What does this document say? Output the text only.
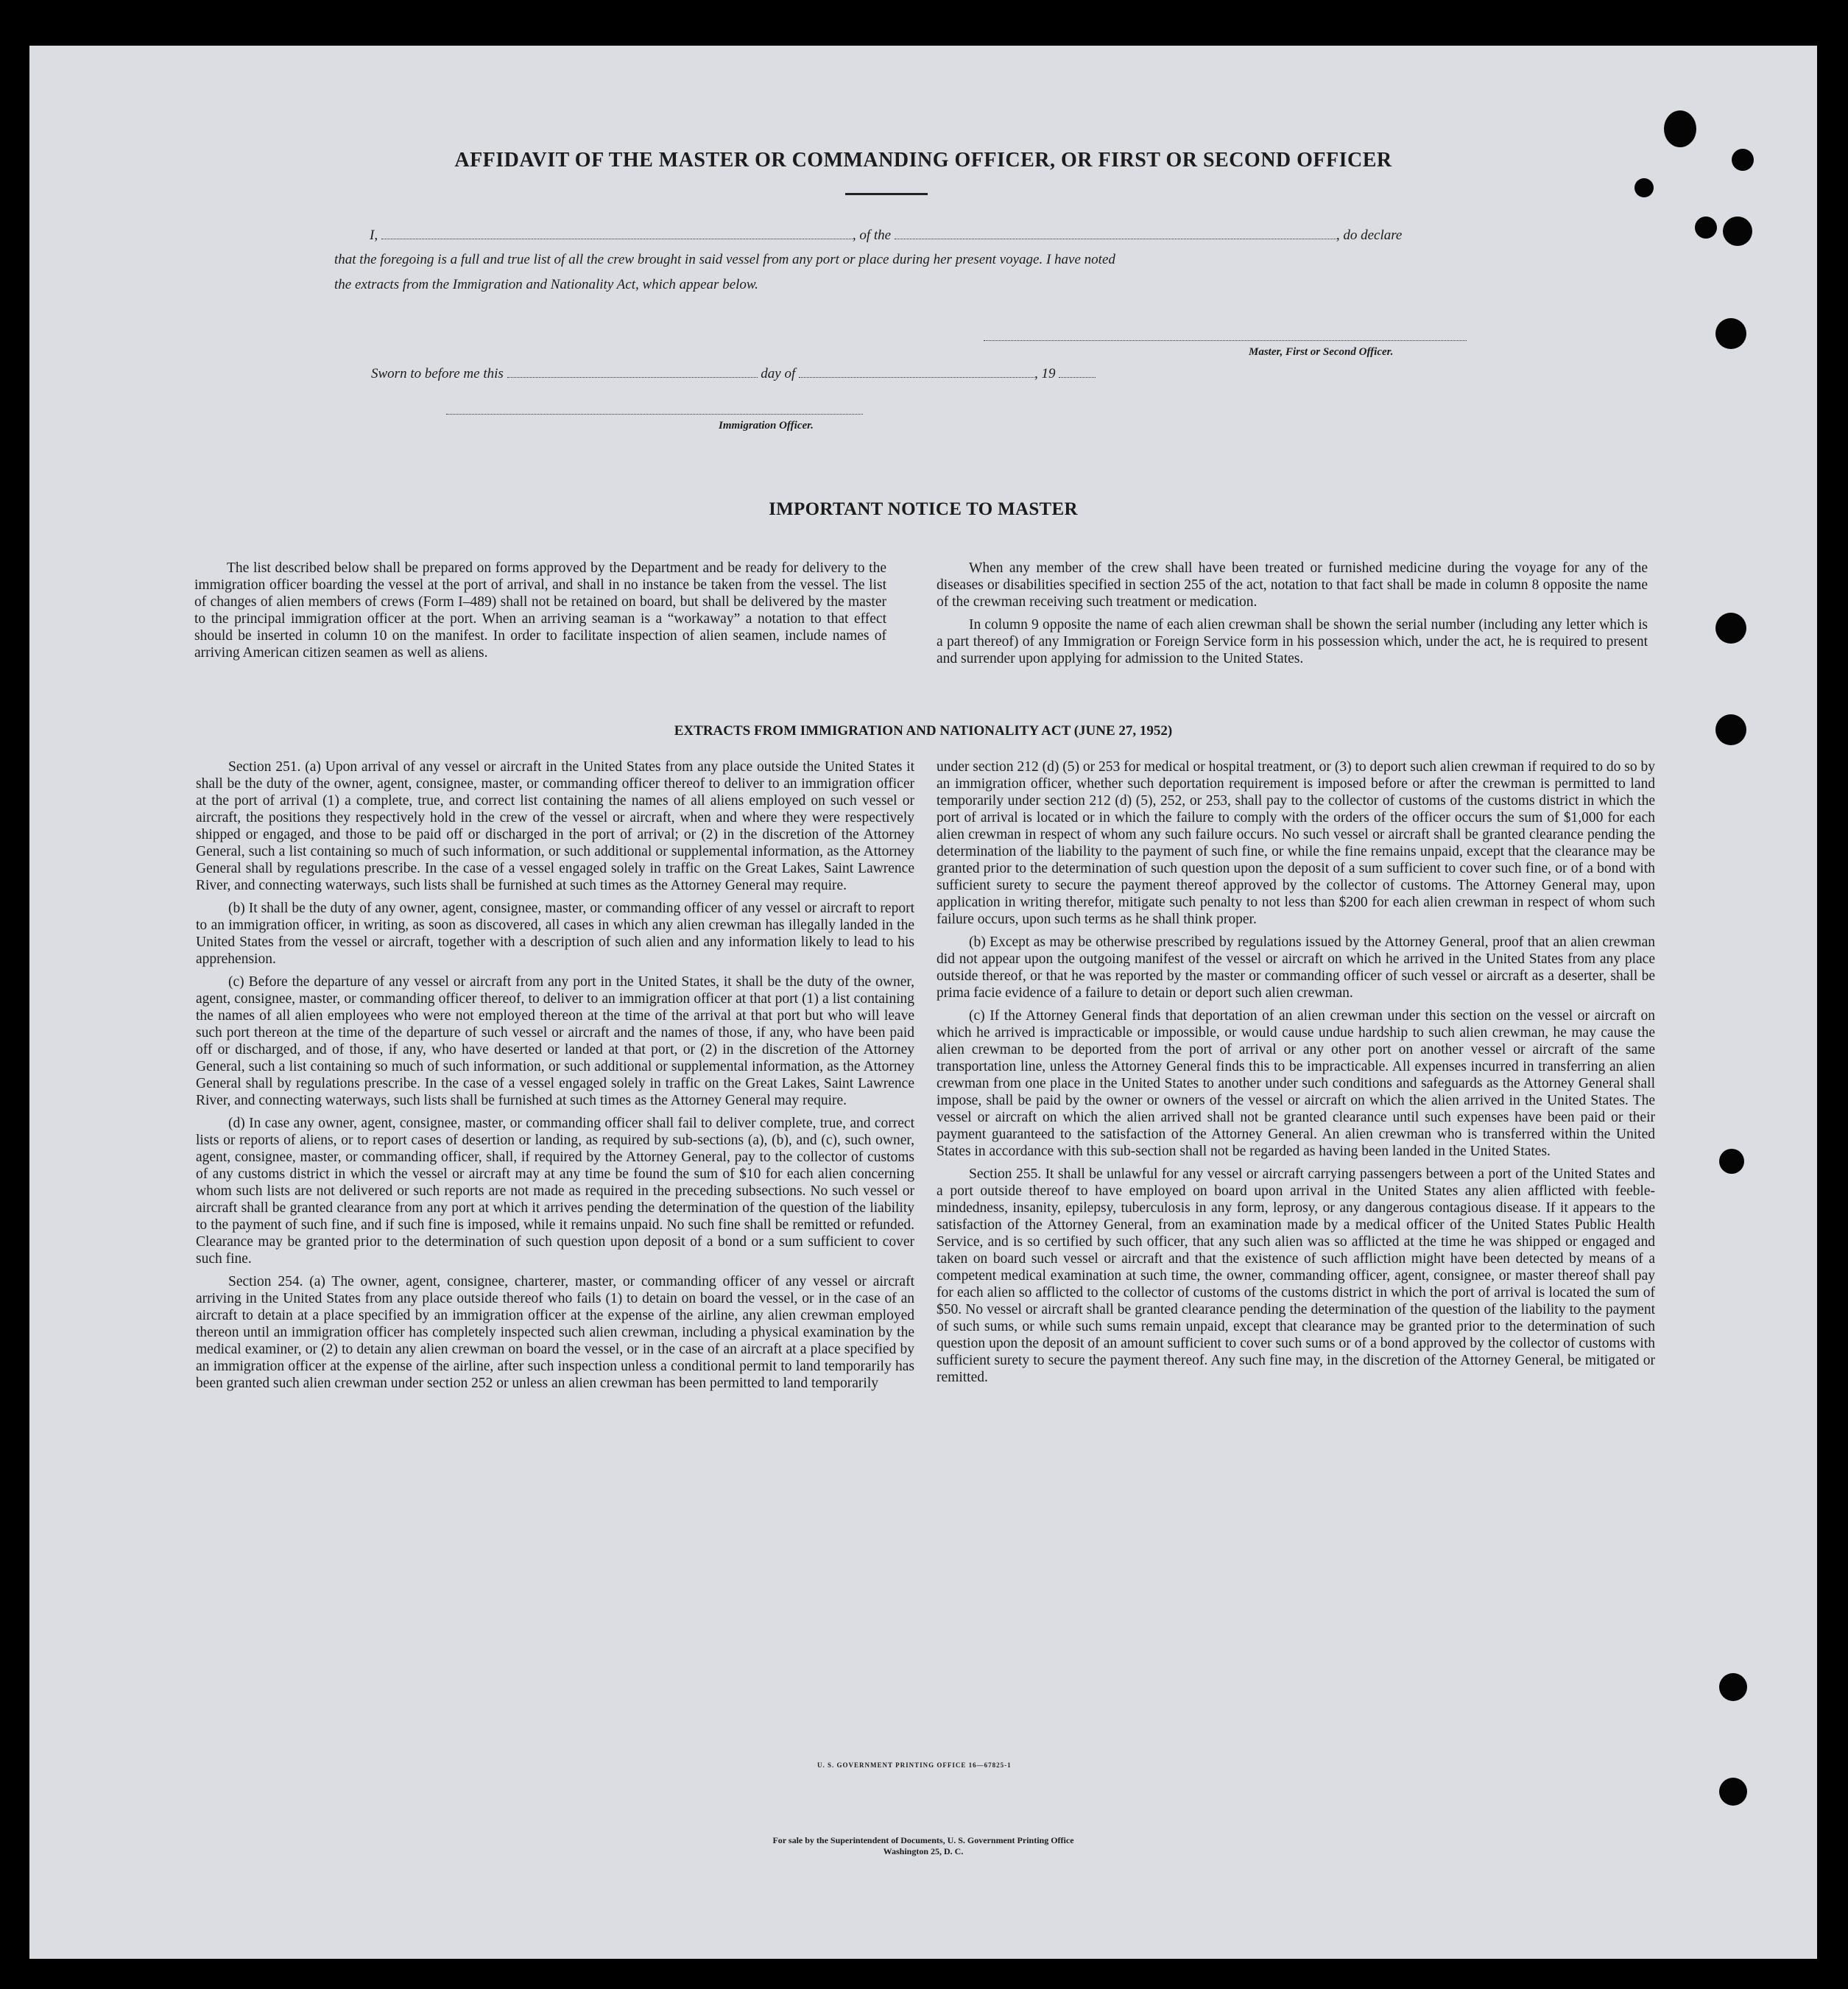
AFFIDAVIT OF THE MASTER OR COMMANDING OFFICER, OR FIRST OR SECOND OFFICER
I,	, of the	, do declare
that the foregoing is a full and true list of all the crew brought in said vessel from any port or place during her present voyage. I have noted
the extracts from the Immigration and Nationality Act, which appear below.
Master, First or Second Officer.
Sworn to before me this	day of	, 19
Immigration Officer.
IMPORTANT NOTICE TO MASTER

The list described below shall be prepared on forms approved by the Department and be ready for delivery to the immigration officer boarding the vessel at the port of arrival, and shall in no instance be taken from the vessel. The list of changes of alien members of crews (Form I–489) shall not be retained on board, but shall be delivered by the master to the principal immigration officer at the port. When an arriving seaman is a “workaway” a notation to that effect should be inserted in column 10 on the manifest. In order to facilitate inspection of alien seamen, include names of arriving American citizen seamen as well as aliens.

When any member of the crew shall have been treated or furnished medicine during the voyage for any of the diseases or disabilities specified in section 255 of the act, notation to that fact shall be made in column 8 opposite the name of the crewman receiving such treatment or medication.

In column 9 opposite the name of each alien crewman shall be shown the serial number (including any letter which is a part thereof) of any Immigration or Foreign Service form in his possession which, under the act, he is required to present and surrender upon applying for admission to the United States.

EXTRACTS FROM IMMIGRATION AND NATIONALITY ACT (JUNE 27, 1952)

Section 251. (a) Upon arrival of any vessel or aircraft in the United States from any place outside the United States it shall be the duty of the owner, agent, consignee, master, or commanding officer thereof to deliver to an immigration officer at the port of arrival (1) a complete, true, and correct list containing the names of all aliens employed on such vessel or aircraft, the positions they respectively hold in the crew of the vessel or aircraft, when and where they were respectively shipped or engaged, and those to be paid off or discharged in the port of arrival; or (2) in the discretion of the Attorney General, such a list containing so much of such information, or such additional or supplemental information, as the Attorney General shall by regulations prescribe. In the case of a vessel engaged solely in traffic on the Great Lakes, Saint Lawrence River, and connecting waterways, such lists shall be furnished at such times as the Attorney General may require.

(b) It shall be the duty of any owner, agent, consignee, master, or commanding officer of any vessel or aircraft to report to an immigration officer, in writing, as soon as discovered, all cases in which any alien crewman has illegally landed in the United States from the vessel or aircraft, together with a description of such alien and any information likely to lead to his apprehension.

(c) Before the departure of any vessel or aircraft from any port in the United States, it shall be the duty of the owner, agent, consignee, master, or commanding officer thereof, to deliver to an immigration officer at that port (1) a list containing the names of all alien employees who were not employed thereon at the time of the arrival at that port but who will leave such port thereon at the time of the departure of such vessel or aircraft and the names of those, if any, who have been paid off or discharged, and of those, if any, who have deserted or landed at that port, or (2) in the discretion of the Attorney General, such a list containing so much of such information, or such additional or supplemental information, as the Attorney General shall by regulations prescribe. In the case of a vessel engaged solely in traffic on the Great Lakes, Saint Lawrence River, and connecting waterways, such lists shall be furnished at such times as the Attorney General may require.

(d) In case any owner, agent, consignee, master, or commanding officer shall fail to deliver complete, true, and correct lists or reports of aliens, or to report cases of desertion or landing, as required by sub-sections (a), (b), and (c), such owner, agent, consignee, master, or commanding officer, shall, if required by the Attorney General, pay to the collector of customs of any customs district in which the vessel or aircraft may at any time be found the sum of $10 for each alien concerning whom such lists are not delivered or such reports are not made as required in the preceding subsections. No such vessel or aircraft shall be granted clearance from any port at which it arrives pending the determination of the question of the liability to the payment of such fine, and if such fine is imposed, while it remains unpaid. No such fine shall be remitted or refunded. Clearance may be granted prior to the determination of such question upon deposit of a bond or a sum sufficient to cover such fine.

Section 254. (a) The owner, agent, consignee, charterer, master, or commanding officer of any vessel or aircraft arriving in the United States from any place outside thereof who fails (1) to detain on board the vessel, or in the case of an aircraft to detain at a place specified by an immigration officer at the expense of the airline, any alien crewman employed thereon until an immigration officer has completely inspected such alien crewman, including a physical examination by the medical examiner, or (2) to detain any alien crewman on board the vessel, or in the case of an aircraft at a place specified by an immigration officer at the expense of the airline, after such inspection unless a conditional permit to land temporarily has been granted such alien crewman under section 252 or unless an alien crewman has been permitted to land temporarily

under section 212 (d) (5) or 253 for medical or hospital treatment, or (3) to deport such alien crewman if required to do so by an immigration officer, whether such deportation requirement is imposed before or after the crewman is permitted to land temporarily under section 212 (d) (5), 252, or 253, shall pay to the collector of customs of the customs district in which the port of arrival is located or in which the failure to comply with the orders of the officer occurs the sum of $1,000 for each alien crewman in respect of whom any such failure occurs. No such vessel or aircraft shall be granted clearance pending the determination of the liability to the payment of such fine, or while the fine remains unpaid, except that the clearance may be granted prior to the determination of such question upon the deposit of a sum sufficient to cover such fine, or of a bond with sufficient surety to secure the payment thereof approved by the collector of customs. The Attorney General may, upon application in writing therefor, mitigate such penalty to not less than $200 for each alien crewman in respect of whom such failure occurs, upon such terms as he shall think proper.

(b) Except as may be otherwise prescribed by regulations issued by the Attorney General, proof that an alien crewman did not appear upon the outgoing manifest of the vessel or aircraft on which he arrived in the United States from any place outside thereof, or that he was reported by the master or commanding officer of such vessel or aircraft as a deserter, shall be prima facie evidence of a failure to detain or deport such alien crewman.

(c) If the Attorney General finds that deportation of an alien crewman under this section on the vessel or aircraft on which he arrived is impracticable or impossible, or would cause undue hardship to such alien crewman, he may cause the alien crewman to be deported from the port of arrival or any other port on another vessel or aircraft of the same transportation line, unless the Attorney General finds this to be impracticable. All expenses incurred in transferring an alien crewman from one place in the United States to another under such conditions and safeguards as the Attorney General shall impose, shall be paid by the owner or owners of the vessel or aircraft on which the alien arrived in the United States. The vessel or aircraft on which the alien arrived shall not be granted clearance until such expenses have been paid or their payment guaranteed to the satisfaction of the Attorney General. An alien crewman who is transferred within the United States in accordance with this sub-section shall not be regarded as having been landed in the United States.

Section 255. It shall be unlawful for any vessel or aircraft carrying passengers between a port of the United States and a port outside thereof to have employed on board upon arrival in the United States any alien afflicted with feeble-mindedness, insanity, epilepsy, tuberculosis in any form, leprosy, or any dangerous contagious disease. If it appears to the satisfaction of the Attorney General, from an examination made by a medical officer of the United States Public Health Service, and is so certified by such officer, that any such alien was so afflicted at the time he was shipped or engaged and taken on board such vessel or aircraft and that the existence of such affliction might have been detected by means of a competent medical examination at such time, the owner, commanding officer, agent, consignee, or master thereof shall pay for each alien so afflicted to the collector of customs of the customs district in which the port of arrival is located the sum of $50. No vessel or aircraft shall be granted clearance pending the determination of the question of the liability to the payment of such sums, or while such sums remain unpaid, except that clearance may be granted prior to the determination of such question upon the deposit of an amount sufficient to cover such sums or of a bond approved by the collector of customs with sufficient surety to secure the payment thereof. Any such fine may, in the discretion of the Attorney General, be mitigated or remitted.

U. S. GOVERNMENT PRINTING OFFICE 16—67825-1
For sale by the Superintendent of Documents, U. S. Government Printing Office
Washington 25, D. C.
